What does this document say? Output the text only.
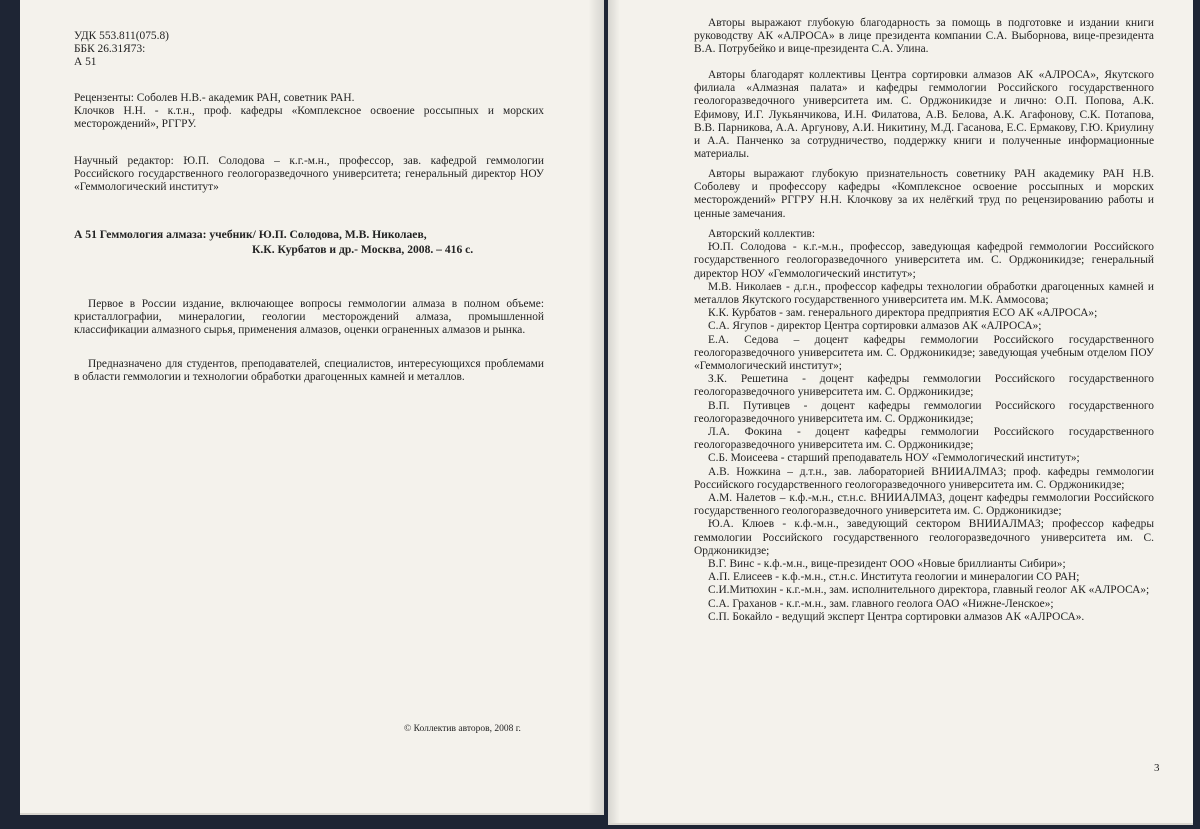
УДК 553.811(075.8)
ББК 26.31Я73:
А 51

Рецензенты: Соболев Н.В.- академик РАН, советник РАН.

Клочков Н.Н. - к.т.н., проф. кафедры «Комплексное освоение россыпных и морских месторождений», РГГРУ.

Научный редактор: Ю.П. Солодова – к.г.-м.н., профессор, зав. кафедрой геммологии Российского государственного геологоразведочного университета; генеральный директор НОУ «Геммологический институт»
А 51 Геммология алмаза: учебник/ Ю.П. Солодова, М.В. Николаев,
К.К. Курбатов и др.- Москва, 2008. – 416 с.

Первое в России издание, включающее вопросы геммологии алмаза в полном объеме: кристаллографии, минералогии, геологии месторождений алмаза, промышленной классификации алмазного сырья, применения алмазов, оценки ограненных алмазов и рынка.

Предназначено для студентов, преподавателей, специалистов, интересующихся проблемами в области геммологии и технологии обработки драгоценных камней и металлов.

© Коллектив авторов, 2008 г.

Авторы выражают глубокую благодарность за помощь в подготовке и издании книги руководству АК «АЛРОСА» в лице президента компании С.А. Выборнова, вице-президента В.А. Потрубейко и вице-президента С.А. Улина.

Авторы благодарят коллективы Центра сортировки алмазов АК «АЛРОСА», Якутского филиала «Алмазная палата» и кафедры геммологии Российского государственного геологоразведочного университета им. С. Орджоникидзе и лично: О.П. Попова, А.К. Ефимову, И.Г. Лукьянчикова, И.Н. Филатова, А.В. Белова, А.К. Агафонову, С.К. Потапова, В.В. Парникова, А.А. Аргунову, А.И. Никитину, М.Д. Гасанова, Е.С. Ермакову, Г.Ю. Криулину и А.А. Панченко за сотрудничество, поддержку книги и полученные информационные материалы.

Авторы выражают глубокую признательность советнику РАН академику РАН Н.В. Соболеву и профессору кафедры «Комплексное освоение россыпных и морских месторождений» РГГРУ Н.Н. Клочкову за их нелёгкий труд по рецензированию работы и ценные замечания.

Авторский коллектив:

Ю.П. Солодова - к.г.-м.н., профессор, заведующая кафедрой геммологии Российского государственного геологоразведочного университета им. С. Орджоникидзе; генеральный директор НОУ «Геммологический институт»;

М.В. Николаев - д.г.н., профессор кафедры технологии обработки драгоценных камней и металлов Якутского государственного университета им. М.К. Аммосова;

К.К. Курбатов - зам. генерального директора предприятия ЕСО АК «АЛРОСА»;

С.А. Ягупов - директор Центра сортировки алмазов АК «АЛРОСА»;

Е.А. Седова – доцент кафедры геммологии Российского государственного геологоразведочного университета им. С. Орджоникидзе; заведующая учебным отделом ПОУ «Геммологический институт»;

З.К. Решетина - доцент кафедры геммологии Российского государственного геологоразведочного университета им. С. Орджоникидзе;

В.П. Путивцев - доцент кафедры геммологии Российского государственного геологоразведочного университета им. С. Орджоникидзе;

Л.А. Фокина - доцент кафедры геммологии Российского государственного геологоразведочного университета им. С. Орджоникидзе;

С.Б. Моисеева - старший преподаватель НОУ «Геммологический институт»;

А.В. Ножкина – д.т.н., зав. лабораторией ВНИИАЛМАЗ; проф. кафедры геммологии Российского государственного геологоразведочного университета им. С. Орджоникидзе;

А.М. Налетов – к.ф.-м.н., ст.н.с. ВНИИАЛМАЗ, доцент кафедры геммологии Российского государственного геологоразведочного университета им. С. Орджоникидзе;

Ю.А. Клюев - к.ф.-м.н., заведующий сектором ВНИИАЛМАЗ; профессор кафедры геммологии Российского государственного геологоразведочного университета им. С. Орджоникидзе;

В.Г. Винс - к.ф.-м.н., вице-президент ООО «Новые бриллианты Сибири»;

А.П. Елисеев - к.ф.-м.н., ст.н.с. Института геологии и минералогии СО РАН;

С.И.Митюхин - к.г.-м.н., зам. исполнительного директора, главный геолог АК «АЛРОСА»;

С.А. Граханов - к.г.-м.н., зам. главного геолога ОАО «Нижне-Ленское»;

С.П. Бокайло - ведущий эксперт Центра сортировки алмазов АК «АЛРОСА».

3
